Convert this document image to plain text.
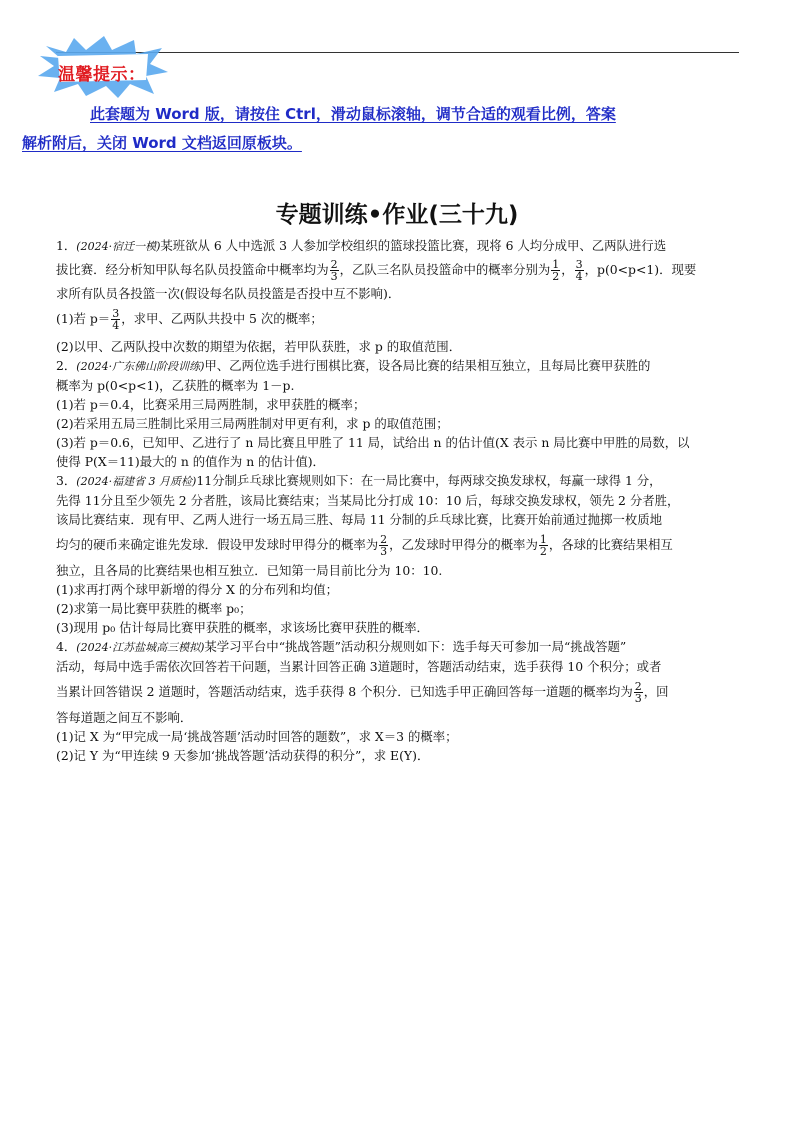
温馨提示：
此套题为 Word 版，请按住 Ctrl，滑动鼠标滚轴，调节合适的观看比例，答案
解析附后，关闭 Word 文档返回原板块。
专题训练•作业(三十九)

1．(2024·宿迁一模)某班欲从 6 人中选派 3 人参加学校组织的篮球投篮比赛，现将 6 人均分成甲、乙两队进行选

拔比赛．经分析知甲队每名队员投篮命中概率均为 $\frac{2}{3}$ ，乙队三名队员投篮命中的概率分别为 $\frac{1}{2}$ ， $\frac{3}{4}$ ，p(0<p<1)．现要

求所有队员各投篮一次(假设每名队员投篮是否投中互不影响)．

(1)若 $p= \frac{3}{4}$ ，求甲、乙两队共投中 5 次的概率；

(2)以甲、乙两队投中次数的期望为依据，若甲队获胜，求 p 的取值范围．

2．(2024·广东佛山阶段训练)甲、乙两位选手进行围棋比赛，设各局比赛的结果相互独立，且每局比赛甲获胜的

概率为 p(0<p<1)，乙获胜的概率为 1－p.

(1)若 p＝0.4，比赛采用三局两胜制，求甲获胜的概率；

(2)若采用五局三胜制比采用三局两胜制对甲更有利，求 p 的取值范围；

(3)若 p＝0.6，已知甲、乙进行了 n 局比赛且甲胜了 11 局，试给出 n 的估计值(X 表示 n 局比赛中甲胜的局数，以

使得 P(X＝11)最大的 n 的值作为 n 的估计值)．

3．(2024·福建省 3 月质检)11分制乒乓球比赛规则如下：在一局比赛中，每两球交换发球权，每赢一球得 1 分，

先得 11分且至少领先 2 分者胜，该局比赛结束；当某局比分打成 10：10 后，每球交换发球权，领先 2 分者胜，

该局比赛结束．现有甲、乙两人进行一场五局三胜、每局 11 分制的乒乓球比赛，比赛开始前通过抛掷一枚质地

均匀的硬币来确定谁先发球．假设甲发球时甲得分的概率为 $\frac{2}{3}$ ，乙发球时甲得分的概率为 $\frac{1}{2}$ ，各球的比赛结果相互

独立，且各局的比赛结果也相互独立．已知第一局目前比分为 10：10.

(1)求再打两个球甲新增的得分 X 的分布列和均值；

(2)求第一局比赛甲获胜的概率 p₀；

(3)现用 p₀ 估计每局比赛甲获胜的概率，求该场比赛甲获胜的概率．

4．(2024·江苏盐城高三模拟)某学习平台中“挑战答题”活动积分规则如下：选手每天可参加一局“挑战答题”

活动，每局中选手需依次回答若干问题，当累计回答正确 3道题时，答题活动结束，选手获得 10 个积分；或者

当累计回答错误 2 道题时，答题活动结束，选手获得 8 个积分．已知选手甲正确回答每一道题的概率均为 $\frac{2}{3}$ ，回

答每道题之间互不影响．

(1)记 X 为“甲完成一局‘挑战答题’活动时回答的题数”，求 X＝3 的概率；

(2)记 Y 为“甲连续 9 天参加‘挑战答题’活动获得的积分”，求 E(Y)．
